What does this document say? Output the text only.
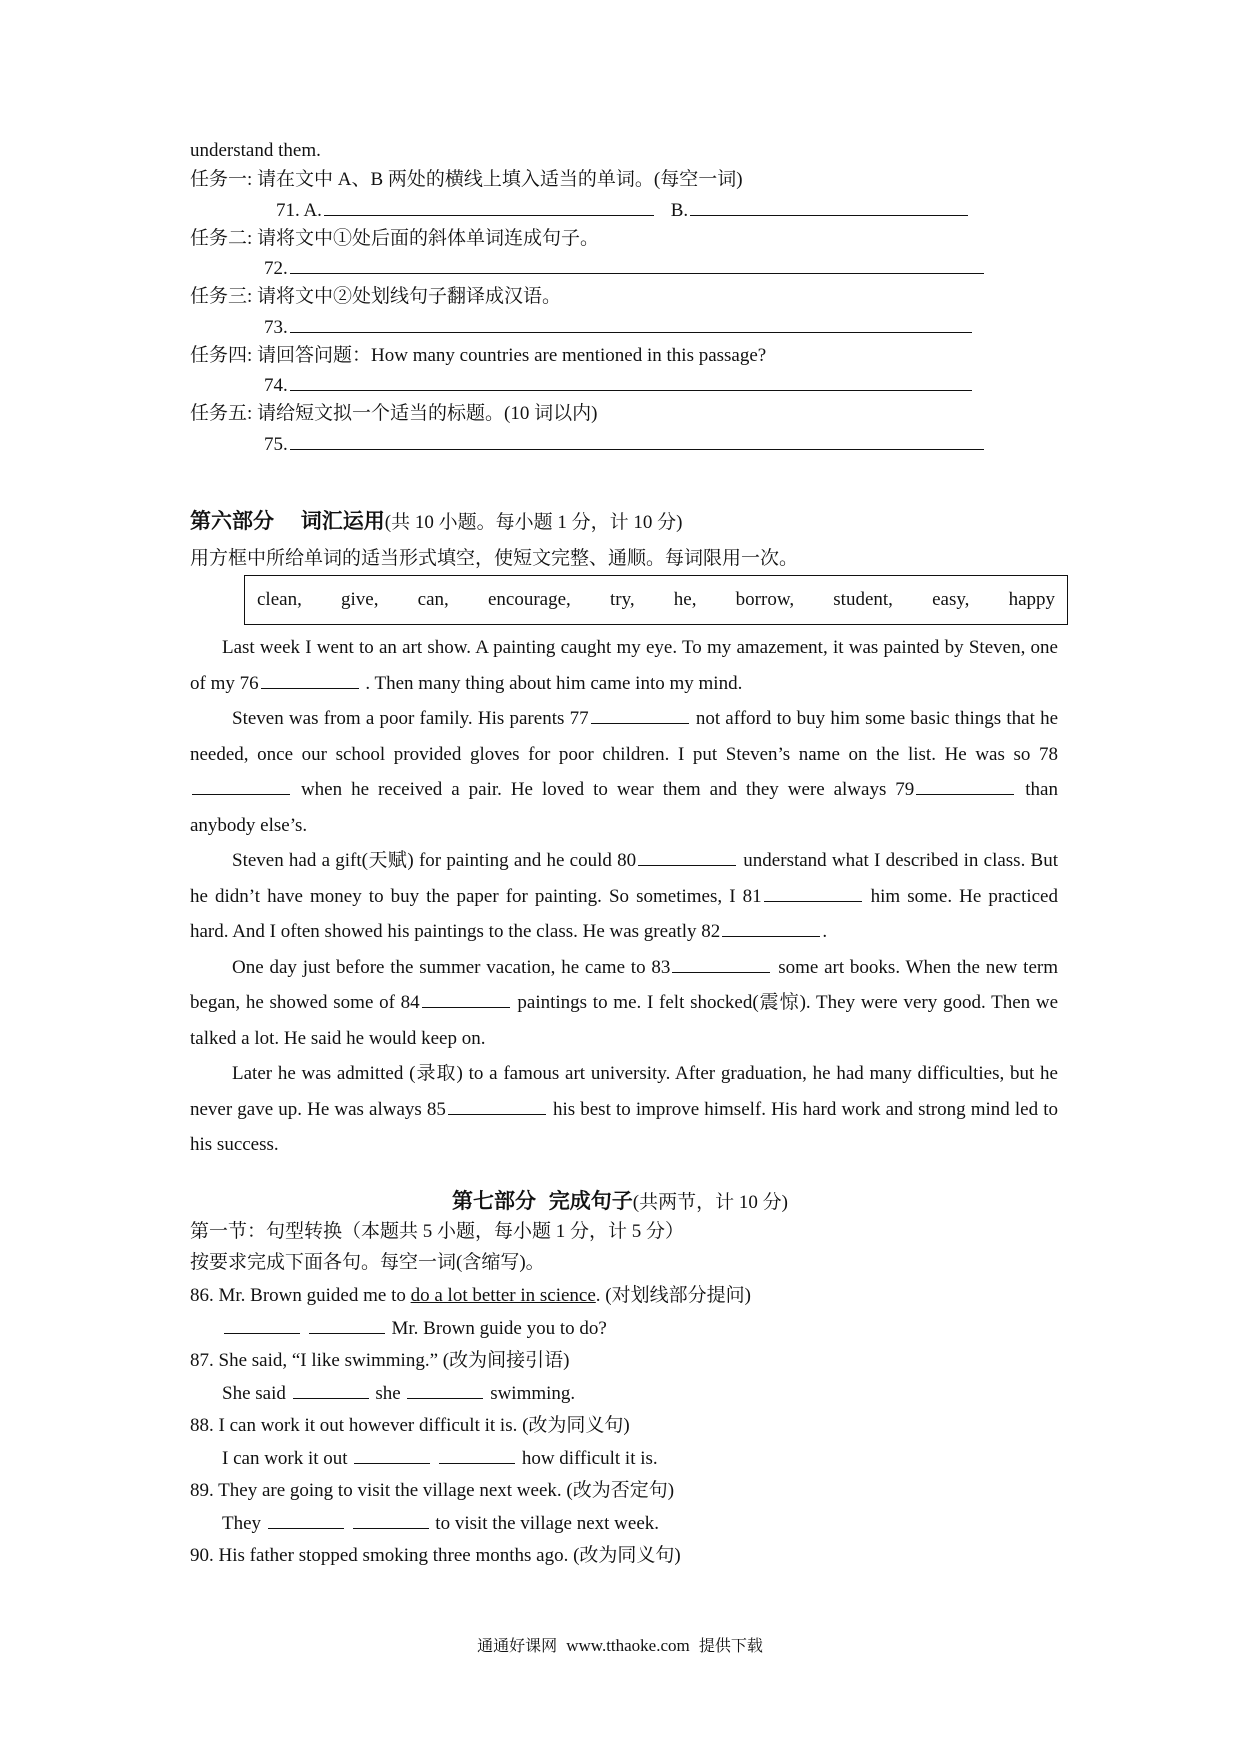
understand them.
任务一: 请在文中 A、B 两处的横线上填入适当的单词。(每空一词)
71. A.	B.
任务二: 请将文中①处后面的斜体单词连成句子。
72.
任务三: 请将文中②处划线句子翻译成汉语。
73.
任务四: 请回答问题：How many countries are mentioned in this passage?
74.
任务五: 请给短文拟一个适当的标题。(10 词以内)
75.
第六部分 词汇运用(共 10 小题。每小题 1 分，计 10 分)
用方框中所给单词的适当形式填空，使短文完整、通顺。每词限用一次。
clean, give, can, encourage, try, he, borrow, student, easy, happy

Last week I went to an art show. A painting caught my eye. To my amazement, it was painted by Steven, one of my 76	. Then many thing about him came into my mind.

Steven was from a poor family. His parents 77	not afford to buy him some basic things that he needed, once our school provided gloves for poor children. I put Steven’s name on the list. He was so 78 when he received a pair. He loved to wear them and they were always 79	than anybody else’s.

Steven had a gift(天赋) for painting and he could 80	understand what I described in class. But he didn’t have money to buy the paper for painting. So sometimes, I 81	him some. He practiced hard. And I often showed his paintings to the class. He was greatly 82	.

One day just before the summer vacation, he came to 83	some art books. When the new term began, he showed some of 84	paintings to me. I felt shocked(震惊). They were very good. Then we talked a lot. He said he would keep on.

Later he was admitted (录取) to a famous art university. After graduation, he had many difficulties, but he never gave up. He was always 85	his best to improve himself. His hard work and strong mind led to his success.

第七部分 完成句子(共两节，计 10 分)
第一节：句型转换（本题共 5 小题，每小题 1 分，计 5 分）
按要求完成下面各句。每空一词(含缩写)。
86. Mr. Brown guided me to do a lot better in science. (对划线部分提问)
Mr. Brown guide you to do?
87. She said, “I like swimming.” (改为间接引语)
She said	she	swimming.
88. I can work it out however difficult it is. (改为同义句)
I can work it out	how difficult it is.
89. They are going to visit the village next week. (改为否定句)
They	to visit the village next week.
90. His father stopped smoking three months ago. (改为同义句)
通通好课网 www.tthaoke.com 提供下载
